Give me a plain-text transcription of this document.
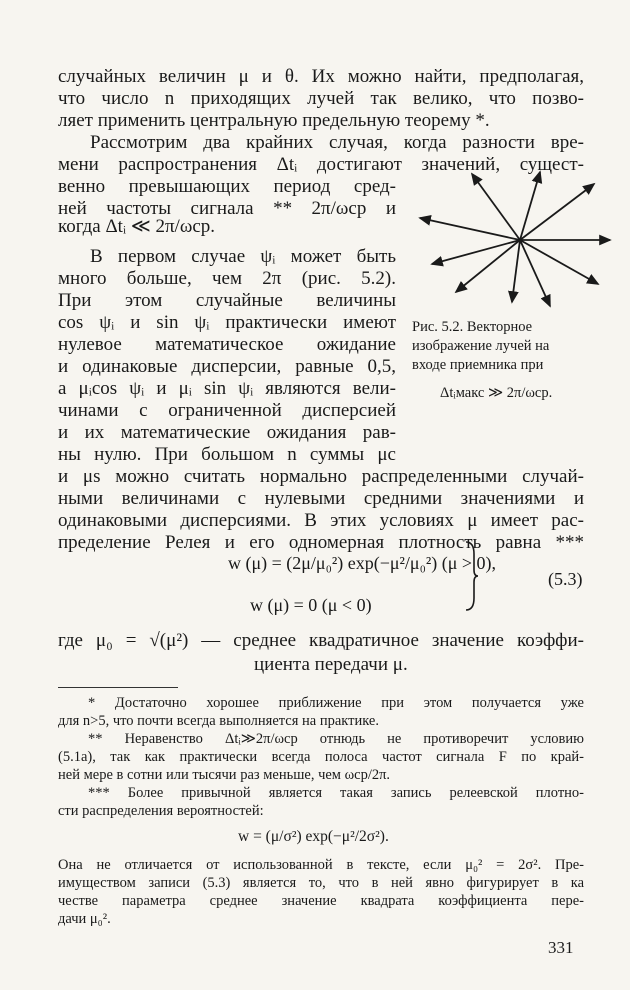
случайных величин μ и θ. Их можно найти, предполагая,
что число n приходящих лучей так велико, что позво-
ляет применить центральную предельную теорему *.
Рассмотрим два крайних случая, когда разности вре-
мени распространения Δtᵢ достигают значений, сущест-
венно превышающих период сред-
ней частоты сигнала ** 2π/ωср и
когда Δtᵢ ≪ 2π/ωср.
В первом случае ψᵢ может быть
много больше, чем 2π (рис. 5.2).
При этом случайные величины
cos ψᵢ и sin ψᵢ практически имеют
нулевое математическое ожидание
и одинаковые дисперсии, равные 0,5,
а μᵢcos ψᵢ и μᵢ sin ψᵢ являются вели-
чинами с ограниченной дисперсией
и их математические ожидания рав-
ны нулю. При большом n суммы μс
и μs можно считать нормально распределенными случай-
ными величинами с нулевыми средними значениями и
одинаковыми дисперсиями. В этих условиях μ имеет рас-
пределение Релея и его одномерная плотность равна ***
Рис. 5.2. Векторное
изображение лучей на
входе приемника при
Δtᵢмакс ≫ 2π/ωср.
w (μ) = (2μ/μ₀²) exp(−μ²/μ₀²) (μ > 0),
w (μ) = 0 (μ < 0)
(5.3)
где μ₀ = √(μ²) — среднее квадратичное значение коэффи-
циента передачи μ.
* Достаточно хорошее приближение при этом получается уже
для n>5, что почти всегда выполняется на практике.
** Неравенство Δtᵢ≫2π/ωср отнюдь не противоречит условию
(5.1а), так как практически всегда полоса частот сигнала F по край-
ней мере в сотни или тысячи раз меньше, чем ωср/2π.
*** Более привычной является такая запись релеевской плотно-
сти распределения вероятностей:
w = (μ/σ²) exp(−μ²/2σ²).
Она не отличается от использованной в тексте, если μ₀² = 2σ². Пре-
имуществом записи (5.3) является то, что в ней явно фигурирует в ка
честве параметра среднее значение квадрата коэффициента пере-
дачи μ₀².
331
